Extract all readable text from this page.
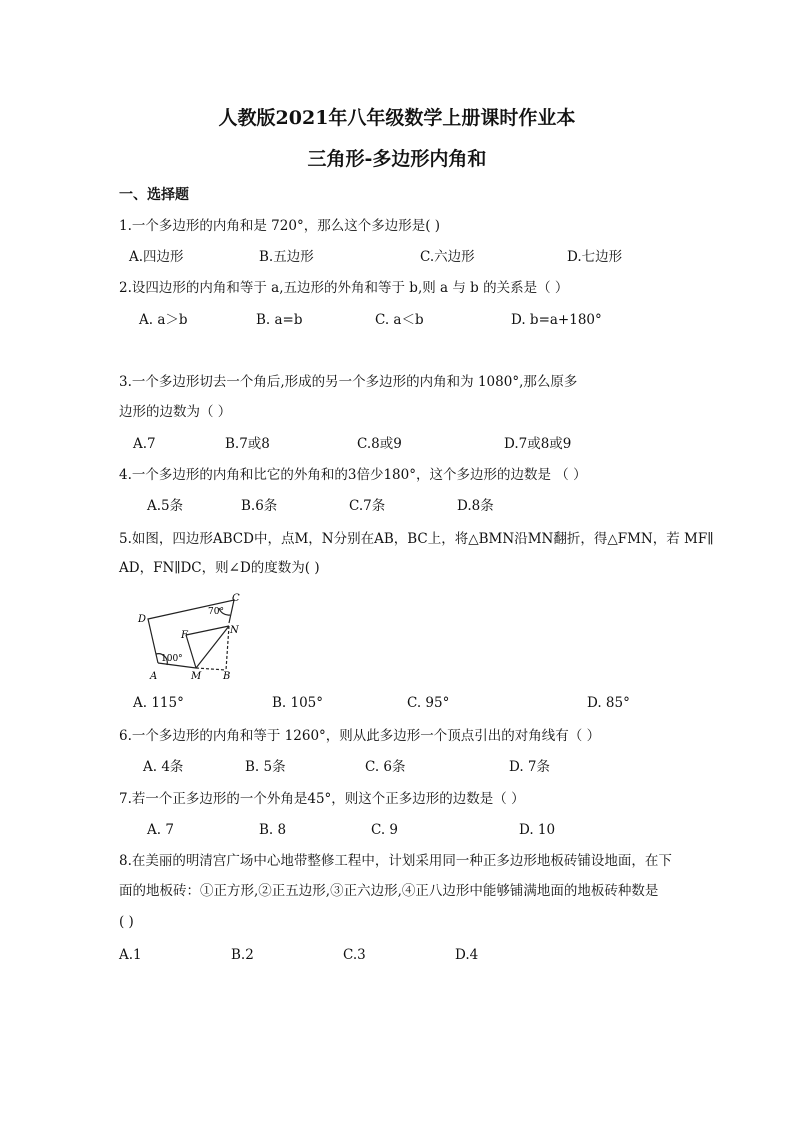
人教版2021年八年级数学上册课时作业本
三角形-多边形内角和
一、选择题
1.一个多边形的内角和是 720°，那么这个多边形是( )
A.四边形	B.五边形	C.六边形	D.七边形
2.设四边形的内角和等于 a,五边形的外角和等于 b,则 a 与 b 的关系是（ ）
A. a＞b	B. a=b	C. a＜b	D. b=a+180°
3.一个多边形切去一个角后,形成的另一个多边形的内角和为 1080°,那么原多
边形的边数为（ ）
A.7	B.7或8	C.8或9	D.7或8或9
4.一个多边形的内角和比它的外角和的3倍少180°，这个多边形的边数是 （ ）
A.5条	B.6条	C.7条	D.8条
5.如图，四边形ABCD中，点M，N分别在AB，BC上，将△BMN沿MN翻折，得△FMN，若 MF∥
AD，FN∥DC，则∠D的度数为( )
D
C
70°
F	N
100°
A	M B
A. 115°	B. 105°	C. 95°	D. 85°
6.一个多边形的内角和等于 1260°，则从此多边形一个顶点引出的对角线有（ ）
A. 4条	B. 5条	C. 6条	D. 7条
7.若一个正多边形的一个外角是45°，则这个正多边形的边数是（ ）
A. 7	B. 8	C. 9	D. 10
8.在美丽的明清宫广场中心地带整修工程中，计划采用同一种正多边形地板砖铺设地面，在下
面的地板砖：①正方形,②正五边形,③正六边形,④正八边形中能够铺满地面的地板砖种数是
( )
A.1	B.2	C.3	D.4
